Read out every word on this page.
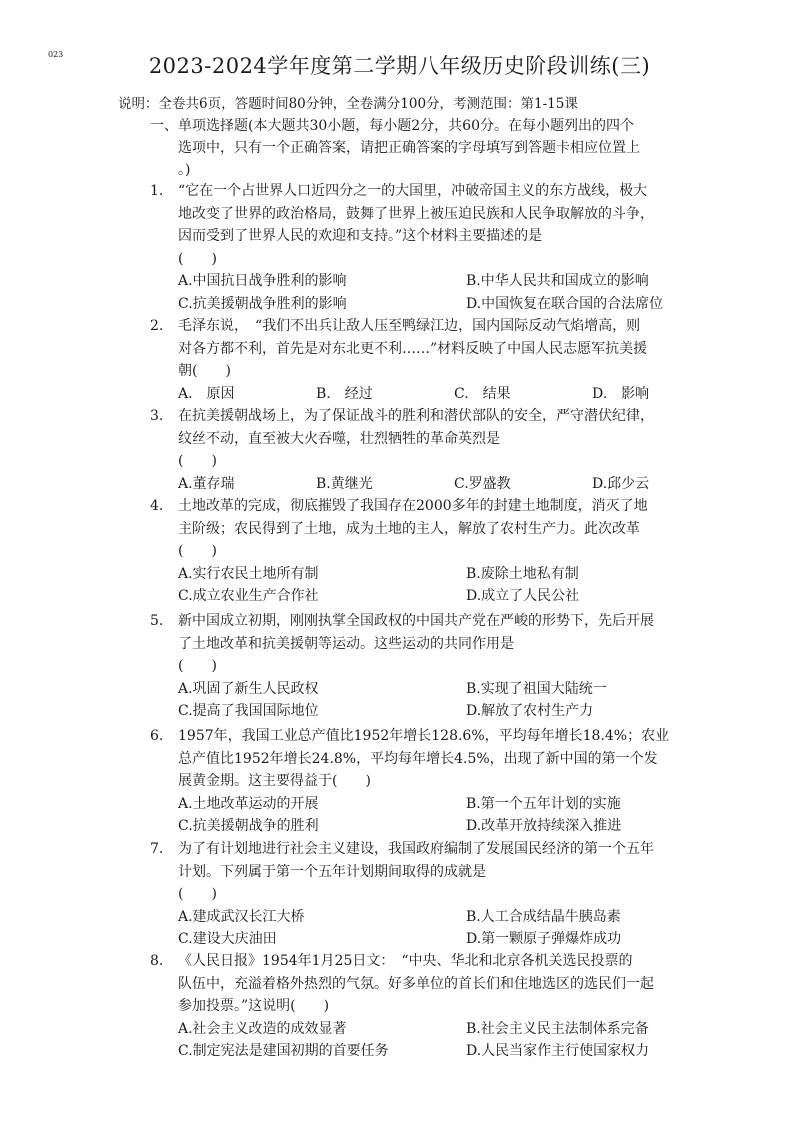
023	2023-2024学年度第二学期八年级历史阶段训练(三)
说明：全卷共6页，答题时间80分钟，全卷满分100分，考测范围：第1-15课
一、单项选择题(本大题共30小题，每小题2分，共60分。在每小题列出的四个
选项中，只有一个正确答案，请把正确答案的字母填写到答题卡相应位置上
。)
1. “它在一个占世界人口近四分之一的大国里，冲破帝国主义的东方战线，极大
地改变了世界的政治格局，鼓舞了世界上被压迫民族和人民争取解放的斗争，
因而受到了世界人民的欢迎和支持。”这个材料主要描述的是
(　　)
A.中国抗日战争胜利的影响	B.中华人民共和国成立的影响
C.抗美援朝战争胜利的影响	D.中国恢复在联合国的合法席位
2. 毛泽东说，　“我们不出兵让敌人压至鸭绿江边，国内国际反动气焰增高，则
对各方都不利，首先是对东北更不利……”材料反映了中国人民志愿军抗美援
朝(　　)
A.　原因	B.　经过	C.　结果	D.　影响
3. 在抗美援朝战场上，为了保证战斗的胜利和潜伏部队的安全，严守潜伏纪律，
纹丝不动，直至被大火吞噬，壮烈牺牲的革命英烈是
(　　)
A.董存瑞	B.黄继光	C.罗盛教	D.邱少云
4. 土地改革的完成，彻底摧毁了我国存在2000多年的封建土地制度，消灭了地
主阶级；农民得到了土地，成为土地的主人，解放了农村生产力。此次改革
(　　)
A.实行农民土地所有制	B.废除土地私有制
C.成立农业生产合作社	D.成立了人民公社
5. 新中国成立初期，刚刚执掌全国政权的中国共产党在严峻的形势下，先后开展
了土地改革和抗美援朝等运动。这些运动的共同作用是
(　　)
A.巩固了新生人民政权	B.实现了祖国大陆统一
C.提高了我国国际地位	D.解放了农村生产力
6. 1957年，我国工业总产值比1952年增长128.6%，平均每年增长18.4%；农业
总产值比1952年增长24.8%，平均每年增长4.5%，出现了新中国的第一个发
展黄金期。这主要得益于(　　)
A.土地改革运动的开展	B.第一个五年计划的实施
C.抗美援朝战争的胜利	D.改革开放持续深入推进
7. 为了有计划地进行社会主义建设，我国政府编制了发展国民经济的第一个五年
计划。下列属于第一个五年计划期间取得的成就是
(　　)
A.建成武汉长江大桥	B.人工合成结晶牛胰岛素
C.建设大庆油田	D.第一颗原子弹爆炸成功
8. 《人民日报》1954年1月25日文：　“中央、华北和北京各机关选民投票的
队伍中，充溢着格外热烈的气氛。好多单位的首长们和住地选区的选民们一起
参加投票。”这说明(　　)
A.社会主义改造的成效显著	B.社会主义民主法制体系完备
C.制定宪法是建国初期的首要任务	D.人民当家作主行使国家权力
